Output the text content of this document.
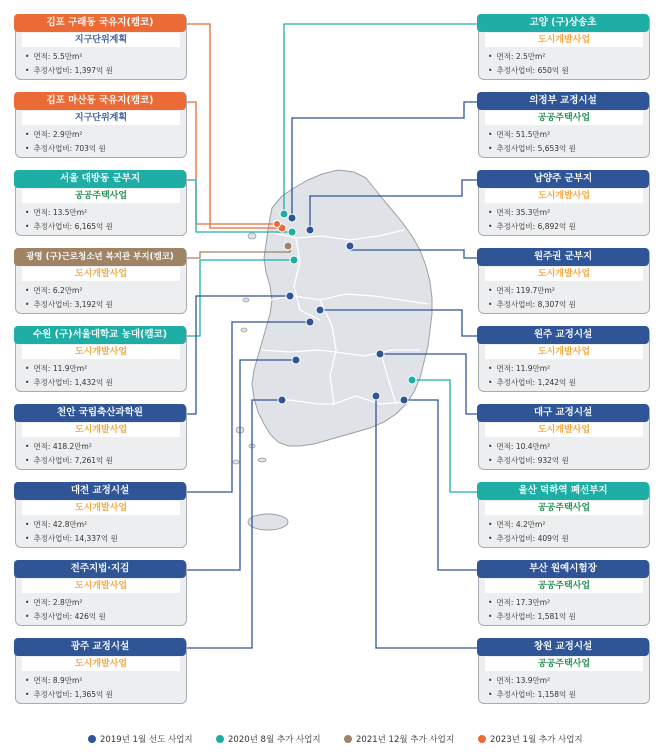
김포 구래동 국유지(캠코)
지구단위계획
• 면적: 5.5만m²
• 추정사업비: 1,397억 원
김포 마산동 국유지(캠코)
지구단위계획
• 면적: 2.9만m²
• 추정사업비: 703억 원
서울 대방동 군부지
공공주택사업
• 면적: 13.5만m²
• 추정사업비: 6,165억 원
광명 (구)근로청소년 복지관 부지(캠코)
도시개발사업
• 면적: 6.2만m²
• 추정사업비: 3,192억 원
수원 (구)서울대학교 농대(캠코)
도시개발사업
• 면적: 11.9만m²
• 추정사업비: 1,432억 원
천안 국립축산과학원
도시개발사업
• 면적: 418.2만m²
• 추정사업비: 7,261억 원
대전 교정시설
도시개발사업
• 면적: 42.8만m²
• 추정사업비: 14,337억 원
전주지법·지검
도시개발사업
• 면적: 2.8만m²
• 추정사업비: 426억 원
광주 교정시설
도시개발사업
• 면적: 8.9만m²
• 추정사업비: 1,365억 원
고양 (구)상송초
도시개발사업
• 면적: 2.5만m²
• 추정사업비: 650억 원
의정부 교정시설
공공주택사업
• 면적: 51.5만m²
• 추정사업비: 5,653억 원
남양주 군부지
도시개발사업
• 면적: 35.3만m²
• 추정사업비: 6,892억 원
원주권 군부지
도시개발사업
• 면적: 119.7만m²
• 추정사업비: 8,307억 원
원주 교정시설
도시개발사업
• 면적: 11.9만m²
• 추정사업비: 1,242억 원
대구 교정시설
도시개발사업
• 면적: 10.4만m²
• 추정사업비: 932억 원
울산 덕하역 폐선부지
공공주택사업
• 면적: 4.2만m²
• 추정사업비: 409억 원
부산 원예시험장
공공주택사업
• 면적: 17.3만m²
• 추정사업비: 1,581억 원
창원 교정시설
공공주택사업
• 면적: 13.9만m²
• 추정사업비: 1,158억 원
2019년 1월 선도 사업지	2020년 8월 추가 사업지	2021년 12월 추가 사업지	2023년 1월 추가 사업지
